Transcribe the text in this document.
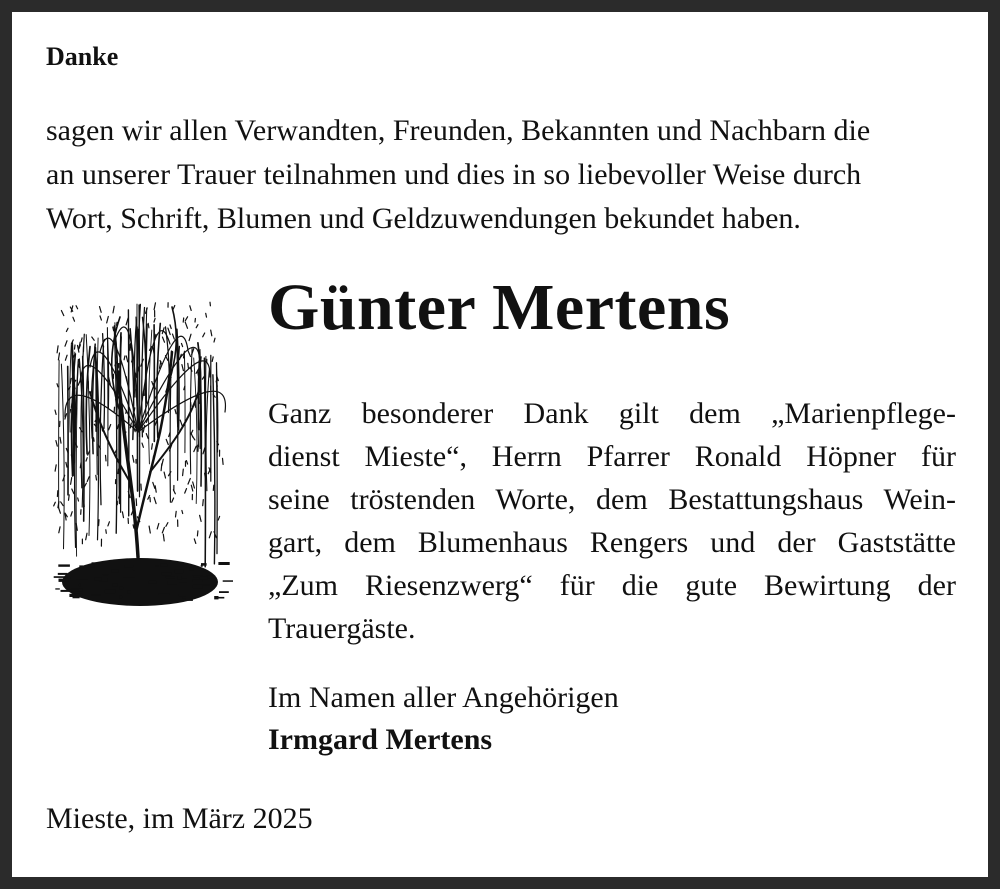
Danke

sagen wir allen Verwandten, Freunden, Bekannten und Nachbarn die
an unserer Trauer teilnahmen und dies in so liebevoller Weise durch
Wort, Schrift, Blumen und Geldzuwendungen bekundet haben.

Günter Mertens

Ganz besonderer Dank gilt dem „Marienpflege-
dienst Mieste“, Herrn Pfarrer Ronald Höpner für
seine tröstenden Worte, dem Bestattungshaus Wein-
gart, dem Blumenhaus Rengers und der Gaststätte
„Zum Riesenzwerg“ für die gute Bewirtung der
Trauergäste.

Im Namen aller Angehörigen
Irmgard Mertens

Mieste, im März 2025
